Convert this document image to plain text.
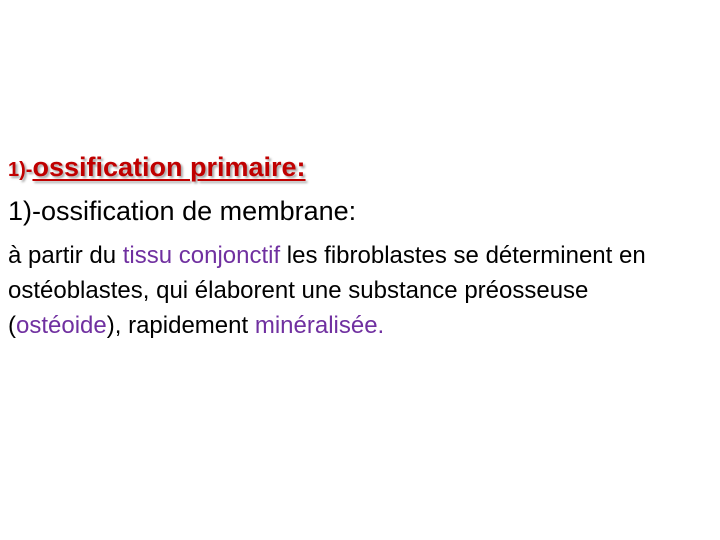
1)-ossification primaire:
1)-ossification de membrane:

à partir du tissu conjonctif les fibroblastes se déterminent en ostéoblastes, qui élaborent une substance préosseuse (ostéoide), rapidement minéralisée.
